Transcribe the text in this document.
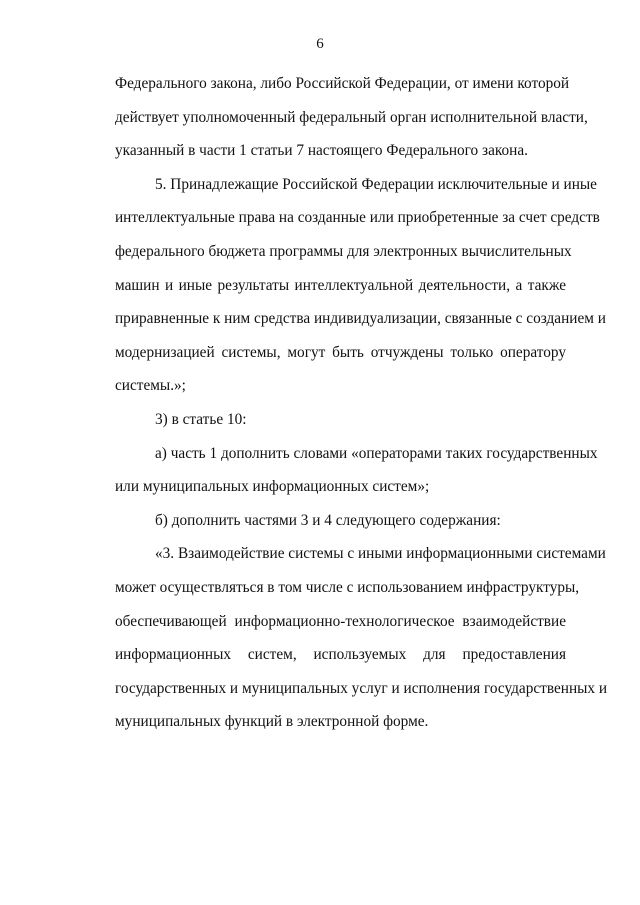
6
Федерального закона, либо Российской Федерации, от имени которой
действует уполномоченный федеральный орган исполнительной власти,
указанный в части 1 статьи 7 настоящего Федерального закона.
5. Принадлежащие Российской Федерации исключительные и иные
интеллектуальные права на созданные или приобретенные за счет средств
федерального бюджета программы для электронных вычислительных
машин и иные результаты интеллектуальной деятельности, а также
приравненные к ним средства индивидуализации, связанные с созданием и
модернизацией системы, могут быть отчуждены только оператору
системы.»;
3) в статье 10:
а) часть 1 дополнить словами «операторами таких государственных
или муниципальных информационных систем»;
б) дополнить частями 3 и 4 следующего содержания:
«3. Взаимодействие системы с иными информационными системами
может осуществляться в том числе с использованием инфраструктуры,
обеспечивающей информационно-технологическое взаимодействие
информационных систем, используемых для предоставления
государственных и муниципальных услуг и исполнения государственных и
муниципальных функций в электронной форме.
